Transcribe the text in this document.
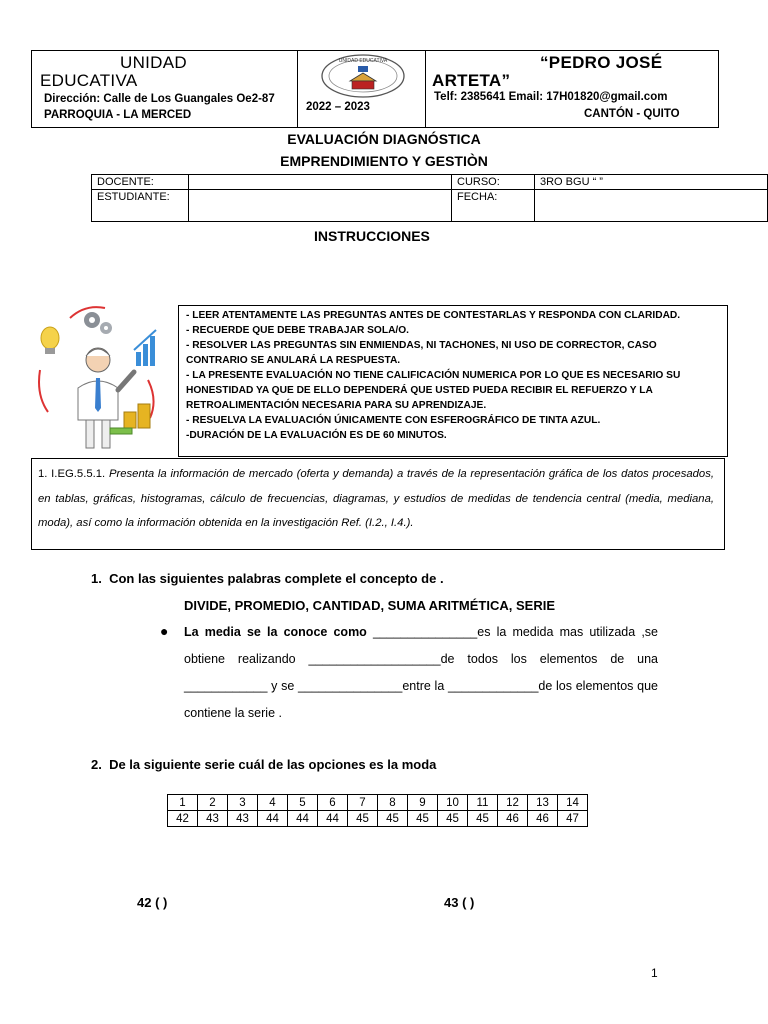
UNIDAD
EDUCATIVA
Dirección: Calle de Los Guangales Oe2-87
PARROQUIA - LA MERCED
UNIDAD EDUCATIVA
2022 – 2023
“PEDRO JOSÉ
ARTETA”
Telf: 2385641 Email: 17H01820@gmail.com
CANTÓN - QUITO
EVALUACIÓN DIAGNÓSTICA
EMPRENDIMIENTO Y GESTIÒN
DOCENTE:		CURSO:	3RO BGU “ ”
ESTUDIANTE:		FECHA:	
INSTRUCCIONES
- LEER ATENTAMENTE LAS PREGUNTAS ANTES DE CONTESTARLAS Y RESPONDA CON CLARIDAD.
- RECUERDE QUE DEBE TRABAJAR SOLA/O.
- RESOLVER LAS PREGUNTAS SIN ENMIENDAS, NI TACHONES, NI USO DE CORRECTOR, CASO CONTRARIO SE ANULARÁ LA RESPUESTA.
- LA PRESENTE EVALUACIÓN NO TIENE CALIFICACIÓN NUMERICA POR LO QUE ES NECESARIO SU HONESTIDAD YA QUE DE ELLO DEPENDERÁ QUE USTED PUEDA RECIBIR EL REFUERZO Y LA RETROALIMENTACIÓN NECESARIA PARA SU APRENDIZAJE.
- RESUELVA LA EVALUACIÓN ÚNICAMENTE CON ESFEROGRÁFICO DE TINTA AZUL.
-DURACIÓN DE LA EVALUACIÓN ES DE 60 MINUTOS.
1. I.EG.5.5.1. Presenta la información de mercado (oferta y demanda) a través de la representación gráfica de los datos procesados, en tablas, gráficas, histogramas, cálculo de frecuencias, diagramas, y estudios de medidas de tendencia central (media, mediana, moda), así como la información obtenida en la investigación Ref. (I.2., I.4.).
1. Con las siguientes palabras complete el concepto de .
DIVIDE, PROMEDIO, CANTIDAD, SUMA ARITMÉTICA, SERIE
● La media se la conoce como _______________es la medida mas utilizada ,se obtiene realizando ___________________de todos los elementos de una ____________ y se _______________entre la _____________de los elementos que contiene la serie .
2. De la siguiente serie cuál de las opciones es la moda
1	2	3	4	5	6	7	8	9	10	11	12	13	14
42	43	43	44	44	44	45	45	45	45	45	46	46	47
42 ( )	43 ( )
1
